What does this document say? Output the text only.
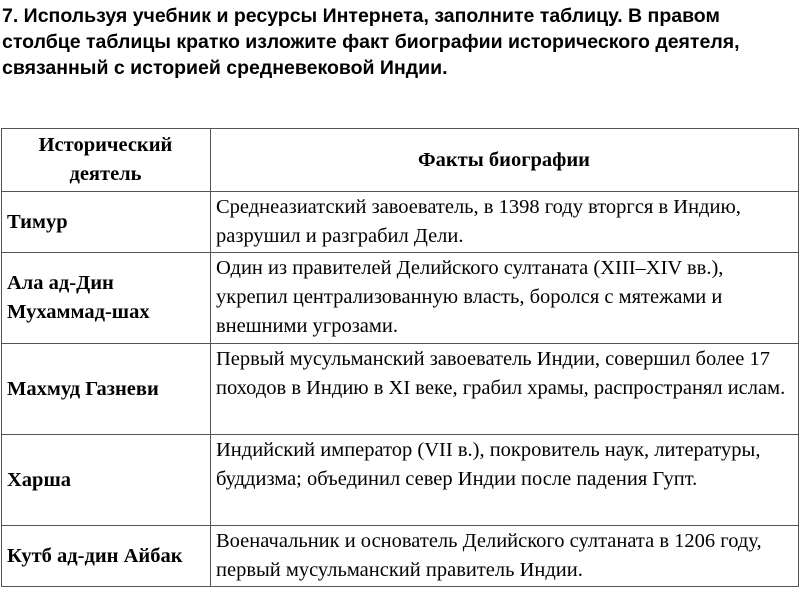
7. Используя учебник и ресурсы Интернета, заполните таблицу. В правом столбце таблицы кратко изложите факт биографии исторического деятеля, связанный с историей средневековой Индии.

Исторический деятель	Факты биографии
Тимур	Среднеазиатский завоеватель, в 1398 году вторгся в Индию, разрушил и разграбил Дели.
Ала ад-Дин Мухаммад-шах	Один из правителей Делийского султаната (XIII–XIV вв.), укрепил централизованную власть, боролся с мятежами и внешними угрозами.
Махмуд Газневи	Первый мусульманский завоеватель Индии, совершил более 17 походов в Индию в XI веке, грабил храмы, распространял ислам.
Харша	Индийский император (VII в.), покровитель наук, литературы, буддизма; объединил север Индии после падения Гупт.
Кутб ад-дин Айбак	Военачальник и основатель Делийского султаната в 1206 году, первый мусульманский правитель Индии.
